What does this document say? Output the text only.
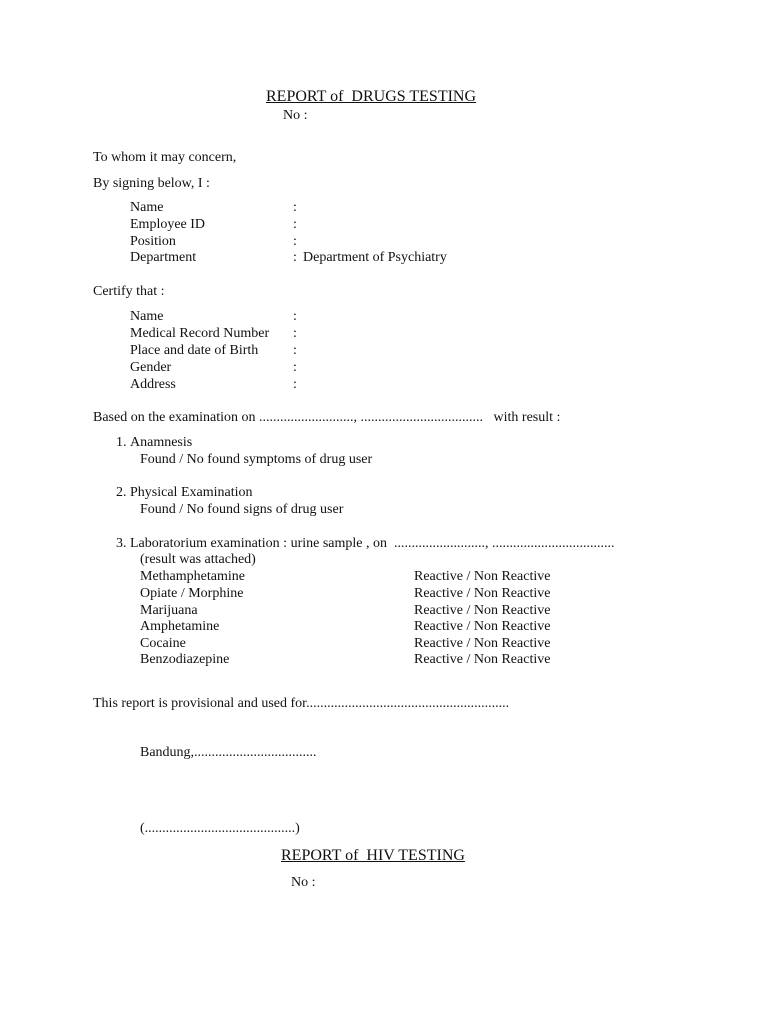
REPORT of  DRUGS TESTING
No :
To whom it may concern,
By signing below, I :
Name	:
Employee ID	:
Position	:
Department	: Department of Psychiatry
Certify that :
Name	:
Medical Record Number :
Place and date of Birth :
Gender	:
Address	:
Based on the examination on ..........................., ...................................   with result :
1. Anamnesis
Found / No found symptoms of drug user
2. Physical Examination
Found / No found signs of drug user
3. Laboratorium examination : urine sample , on  .........................., ...................................
(result was attached)
Methamphetamine	Reactive / Non Reactive
Opiate / Morphine	Reactive / Non Reactive
Marijuana	Reactive / Non Reactive
Amphetamine	Reactive / Non Reactive
Cocaine	Reactive / Non Reactive
Benzodiazepine	Reactive / Non Reactive
This report is provisional and used for..........................................................
Bandung,...................................
(...........................................)
REPORT of  HIV TESTING
No :
